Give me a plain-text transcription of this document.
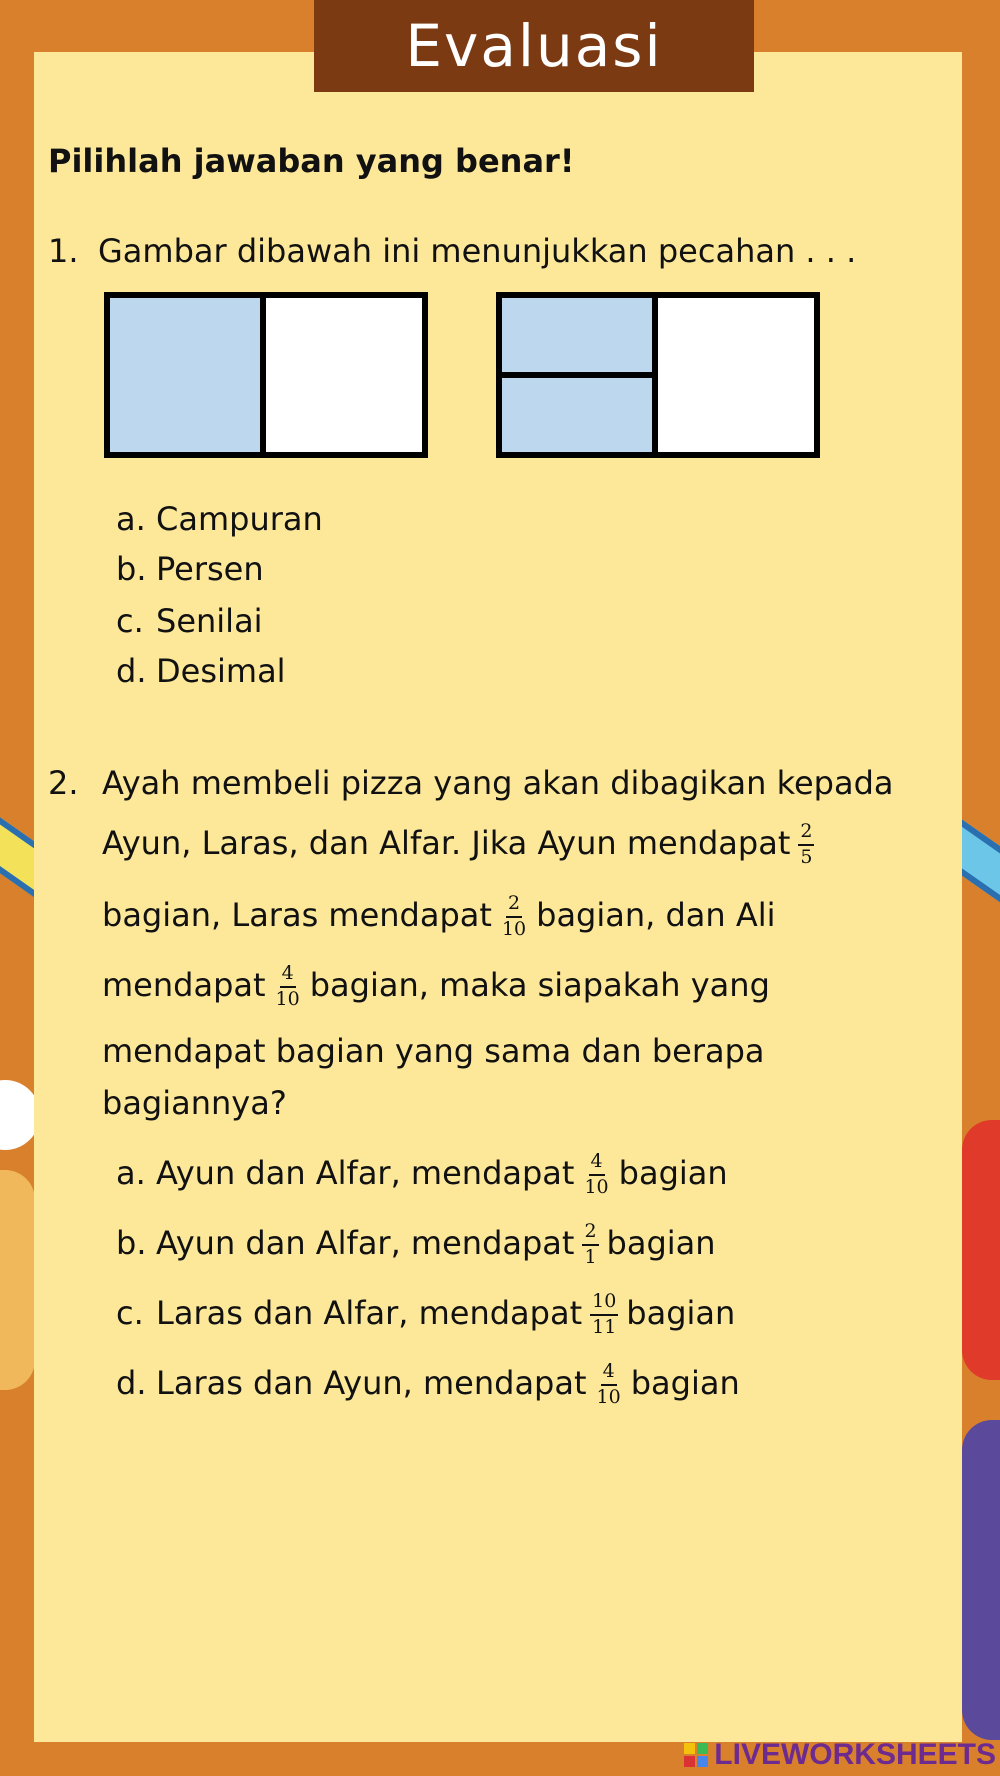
Evaluasi
Pilihlah jawaban yang benar!
1. Gambar dibawah ini menunjukkan pecahan . . .
a. Campuran
b. Persen
c. Senilai
d. Desimal
2. Ayah membeli pizza yang akan dibagikan kepada
Ayun, Laras, dan Alfar. Jika Ayun mendapat $\frac{2}{5}$
bagian, Laras mendapat $\frac{2}{10}$ bagian, dan Ali
mendapat $\frac{4}{10}$ bagian, maka siapakah yang
mendapat bagian yang sama dan berapa
bagiannya?
a. Ayun dan Alfar, mendapat $\frac{4}{10}$ bagian
b. Ayun dan Alfar, mendapat $\frac{2}{1}$ bagian
c. Laras dan Alfar, mendapat $\frac{10}{11}$ bagian
d. Laras dan Ayun, mendapat $\frac{4}{10}$ bagian
LIVEWORKSHEETS
